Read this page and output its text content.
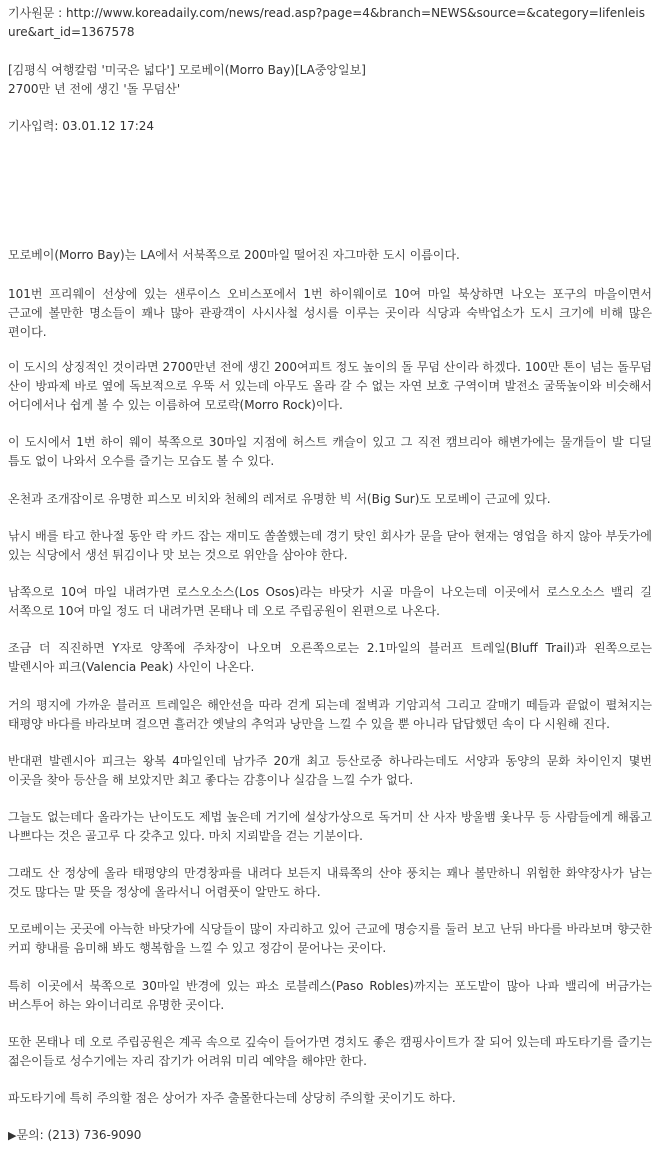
기사원문 : http://www.koreadaily.com/news/read.asp?page=4&branch=NEWS&source=&category=lifenleisure&art_id=1367578
[김평식 여행칼럼 '미국은 넓다'] 모로베이(Morro Bay)[LA중앙일보]
2700만 년 전에 생긴 '돌 무덤산'
기사입력: 03.01.12 17:24
모로베이(Morro Bay)는 LA에서 서북쪽으로 200마일 떨어진 자그마한 도시 이름이다.
101번 프리웨이 선상에 있는 샌루이스 오비스포에서 1번 하이웨이로 10여 마일 북상하면 나오는 포구의 마을이면서 근교에 볼만한 명소들이 꽤나 많아 관광객이 사시사철 성시를 이루는 곳이라 식당과 숙박업소가 도시 크기에 비해 많은 편이다.
이 도시의 상징적인 것이라면 2700만년 전에 생긴 200여피트 정도 높이의 돌 무덤 산이라 하겠다. 100만 톤이 넘는 돌무덤 산이 방파제 바로 옆에 독보적으로 우뚝 서 있는데 아무도 올라 갈 수 없는 자연 보호 구역이며 발전소 굴뚝높이와 비슷해서 어디에서나 쉽게 볼 수 있는 이름하여 모로락(Morro Rock)이다.
이 도시에서 1번 하이 웨이 북쪽으로 30마일 지점에 허스트 캐슬이 있고 그 직전 캠브리아 해변가에는 물개들이 발 디딜 틈도 없이 나와서 오수를 즐기는 모습도 볼 수 있다.
온천과 조개잡이로 유명한 피스모 비치와 천혜의 레저로 유명한 빅 서(Big Sur)도 모로베이 근교에 있다.
낚시 배를 타고 한나절 동안 락 카드 잡는 재미도 쏠쏠했는데 경기 탓인 회사가 문을 닫아 현재는 영업을 하지 않아 부둣가에 있는 식당에서 생선 튀김이나 맛 보는 것으로 위안을 삼아야 한다.
남쪽으로 10여 마일 내려가면 로스오소스(Los Osos)라는 바닷가 시골 마을이 나오는데 이곳에서 로스오소스 밸리 길 서쪽으로 10여 마일 정도 더 내려가면 몬태나 데 오로 주립공원이 왼편으로 나온다.
조금 더 직진하면 Y자로 양쪽에 주차장이 나오며 오른쪽으로는 2.1마일의 블러프 트레일(Bluff Trail)과 왼쪽으로는 발렌시아 피크(Valencia Peak) 사인이 나온다.
거의 평지에 가까운 블러프 트레일은 해안선을 따라 걷게 되는데 절벽과 기암괴석 그리고 갈매기 떼들과 끝없이 펼쳐지는 태평양 바다를 바라보며 걸으면 흘러간 옛날의 추억과 낭만을 느낄 수 있을 뿐 아니라 답답했던 속이 다 시원해 진다.
반대편 발렌시아 피크는 왕복 4마일인데 남가주 20개 최고 등산로중 하나라는데도 서양과 동양의 문화 차이인지 몇번 이곳을 찾아 등산을 해 보았지만 최고 좋다는 감흥이나 실감을 느낄 수가 없다.
그늘도 없는데다 올라가는 난이도도 제법 높은데 거기에 설상가상으로 독거미 산 사자 방울뱀 옻나무 등 사람들에게 해롭고 나쁘다는 것은 골고루 다 갖추고 있다. 마치 지뢰밭을 걷는 기분이다.
그래도 산 정상에 올라 태평양의 만경창파를 내려다 보든지 내륙쪽의 산야 풍치는 꽤나 볼만하니 위험한 화약장사가 남는 것도 많다는 말 뜻을 정상에 올라서니 어렴풋이 알만도 하다.
모로베이는 곳곳에 아늑한 바닷가에 식당들이 많이 자리하고 있어 근교에 명승지를 둘러 보고 난뒤 바다를 바라보며 향긋한 커피 향내를 음미해 봐도 행복함을 느낄 수 있고 정감이 묻어나는 곳이다.
특히 이곳에서 북쪽으로 30마일 반경에 있는 파소 로블레스(Paso Robles)까지는 포도밭이 많아 나파 밸리에 버금가는 버스투어 하는 와이너리로 유명한 곳이다.
또한 몬태나 데 오로 주립공원은 계곡 속으로 깊숙이 들어가면 경치도 좋은 캠핑사이트가 잘 되어 있는데 파도타기를 즐기는 젊은이들로 성수기에는 자리 잡기가 어려워 미리 예약을 해야만 한다.
파도타기에 특히 주의할 점은 상어가 자주 출몰한다는데 상당히 주의할 곳이기도 하다.
▶문의: (213) 736-9090
